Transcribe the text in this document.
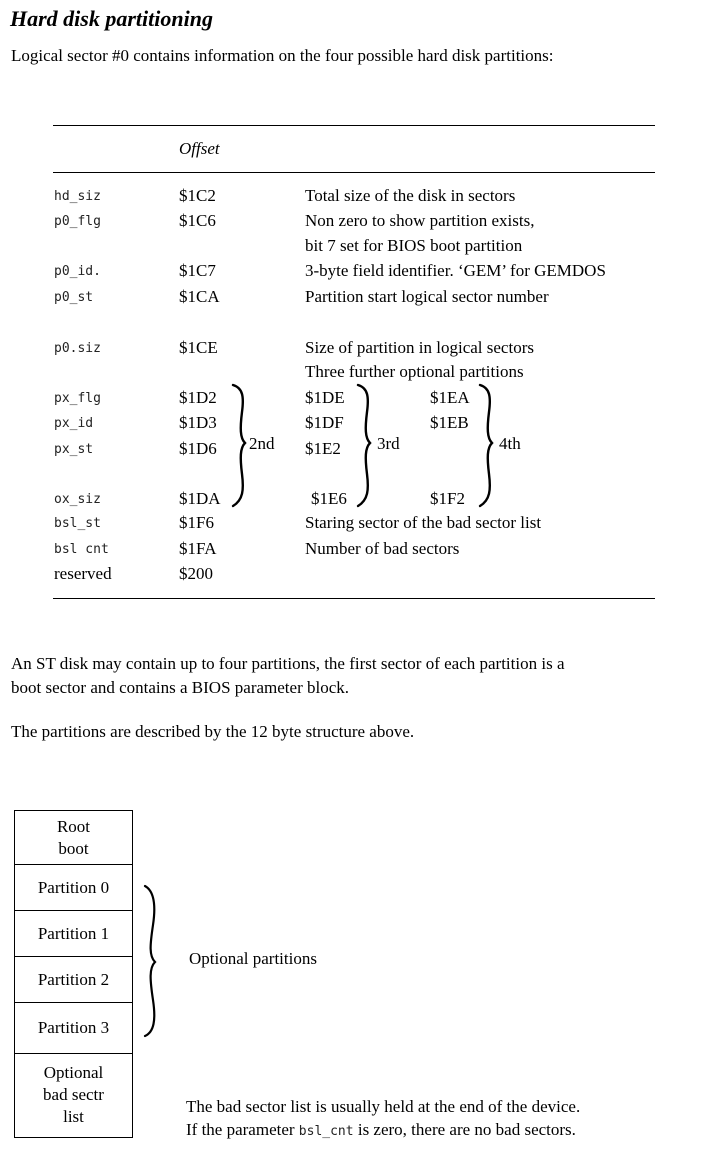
Hard disk partitioning
Logical sector #0 contains information on the four possible hard disk partitions:
Offset
hd_siz	$1C2	Total size of the disk in sectors
p0_flg	$1C6	Non zero to show partition exists,
bit 7 set for BIOS boot partition
p0_id.	$1C7	3-byte field identifier. ‘GEM’ for GEMDOS
p0_st	$1CA	Partition start logical sector number
p0.siz	$1CE	Size of partition in logical sectors
Three further optional partitions
px_flg	$1D2	$1DE	$1EA
px_id	$1D3	$1DF	$1EB
px_st	$1D6	$1E2
ox_siz	$1DA	$1E6	$1F2
2nd	3rd	4th
bsl_st	$1F6	Staring sector of the bad sector list
bsl cnt	$1FA	Number of bad sectors
reserved	$200
An ST disk may contain up to four partitions, the first sector of each partition is a
boot sector and contains a BIOS parameter block.
The partitions are described by the 12 byte structure above.
Root
boot
Partition 0
Partition 1
Partition 2
Partition 3
Optional
bad sectr
list
Optional partitions
The bad sector list is usually held at the end of the device.
If the parameter bsl_cnt is zero, there are no bad sectors.
